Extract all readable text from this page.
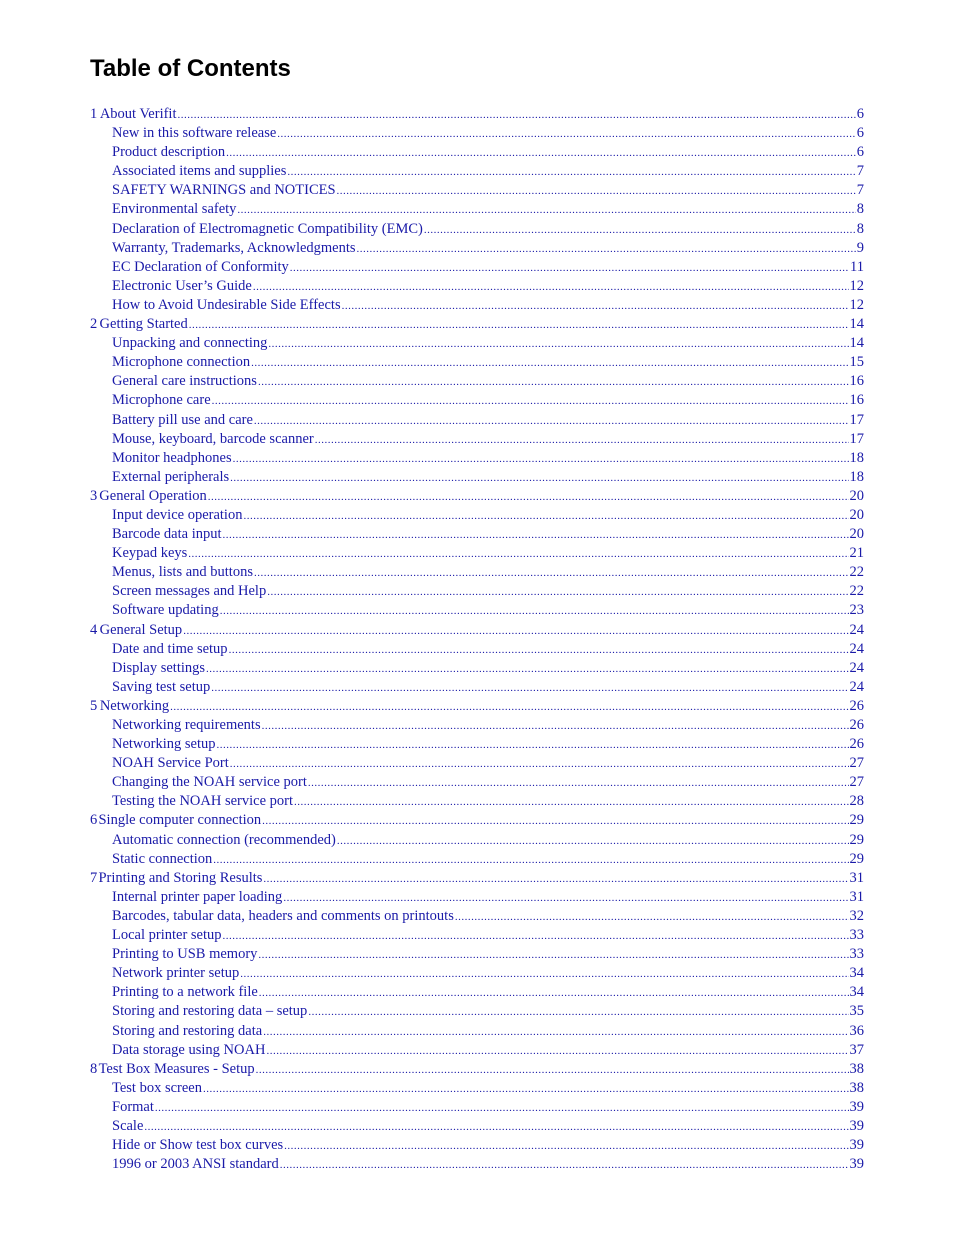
Table of Contents
1 About Verifit .....	6
New in this software release .....	6
Product description .....	6
Associated items and supplies .....	7
SAFETY WARNINGS and NOTICES .....	7
Environmental safety .....	8
Declaration of Electromagnetic Compatibility (EMC) .....	8
Warranty, Trademarks, Acknowledgments .....	9
EC Declaration of Conformity .....	11
Electronic User’s Guide .....	12
How to Avoid Undesirable Side Effects .....	12
2 Getting Started .....	14
Unpacking and connecting .....	14
Microphone connection .....	15
General care instructions .....	16
Microphone care .....	16
Battery pill use and care .....	17
Mouse, keyboard, barcode scanner .....	17
Monitor headphones .....	18
External peripherals .....	18
3 General Operation .....	20
Input device operation .....	20
Barcode data input .....	20
Keypad keys .....	21
Menus, lists and buttons .....	22
Screen messages and Help .....	22
Software updating .....	23
4 General Setup .....	24
Date and time setup .....	24
Display settings .....	24
Saving test setup .....	24
5 Networking .....	26
Networking requirements .....	26
Networking setup .....	26
NOAH Service Port .....	27
Changing the NOAH service port .....	27
Testing the NOAH service port .....	28
6 Single computer connection .....	29
Automatic connection (recommended) .....	29
Static connection .....	29
7 Printing and Storing Results .....	31
Internal printer paper loading .....	31
Barcodes, tabular data, headers and comments on printouts .....	32
Local printer setup .....	33
Printing to USB memory .....	33
Network printer setup .....	34
Printing to a network file .....	34
Storing and restoring data – setup .....	35
Storing and restoring data .....	36
Data storage using NOAH .....	37
8 Test Box Measures - Setup .....	38
Test box screen .....	38
Format .....	39
Scale .....	39
Hide or Show test box curves .....	39
1996 or 2003 ANSI standard .....	39
